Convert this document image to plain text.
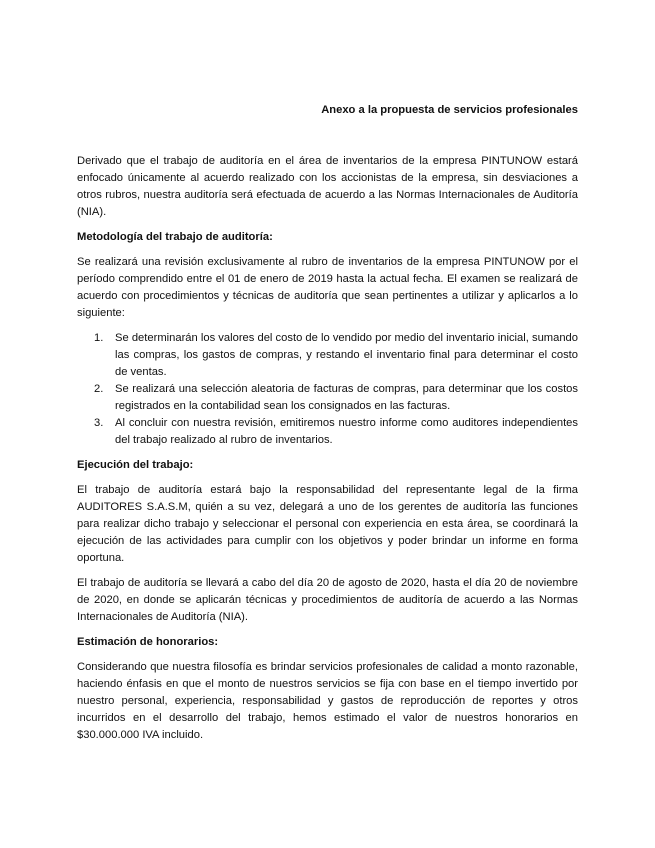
Anexo a la propuesta de servicios profesionales

Derivado que el trabajo de auditoría en el área de inventarios de la empresa PINTUNOW estará enfocado únicamente al acuerdo realizado con los accionistas de la empresa, sin desviaciones a otros rubros, nuestra auditoría será efectuada de acuerdo a las Normas Internacionales de Auditoría (NIA).

Metodología del trabajo de auditoría:

Se realizará una revisión exclusivamente al rubro de inventarios de la empresa PINTUNOW por el período comprendido entre el 01 de enero de 2019 hasta la actual fecha. El examen se realizará de acuerdo con procedimientos y técnicas de auditoría que sean pertinentes a utilizar y aplicarlos a lo siguiente:

1. Se determinarán los valores del costo de lo vendido por medio del inventario inicial, sumando las compras, los gastos de compras, y restando el inventario final para determinar el costo de ventas.
2. Se realizará una selección aleatoria de facturas de compras, para determinar que los costos registrados en la contabilidad sean los consignados en las facturas.
3. Al concluir con nuestra revisión, emitiremos nuestro informe como auditores independientes del trabajo realizado al rubro de inventarios.
Ejecución del trabajo:

El trabajo de auditoría estará bajo la responsabilidad del representante legal de la firma AUDITORES S.A.S.M, quién a su vez, delegará a uno de los gerentes de auditoría las funciones para realizar dicho trabajo y seleccionar el personal con experiencia en esta área, se coordinará la ejecución de las actividades para cumplir con los objetivos y poder brindar un informe en forma oportuna.

El trabajo de auditoría se llevará a cabo del día 20 de agosto de 2020, hasta el día 20 de noviembre de 2020, en donde se aplicarán técnicas y procedimientos de auditoría de acuerdo a las Normas Internacionales de Auditoría (NIA).

Estimación de honorarios:

Considerando que nuestra filosofía es brindar servicios profesionales de calidad a monto razonable, haciendo énfasis en que el monto de nuestros servicios se fija con base en el tiempo invertido por nuestro personal, experiencia, responsabilidad y gastos de reproducción de reportes y otros incurridos en el desarrollo del trabajo, hemos estimado el valor de nuestros honorarios en $30.000.000 IVA incluido.
